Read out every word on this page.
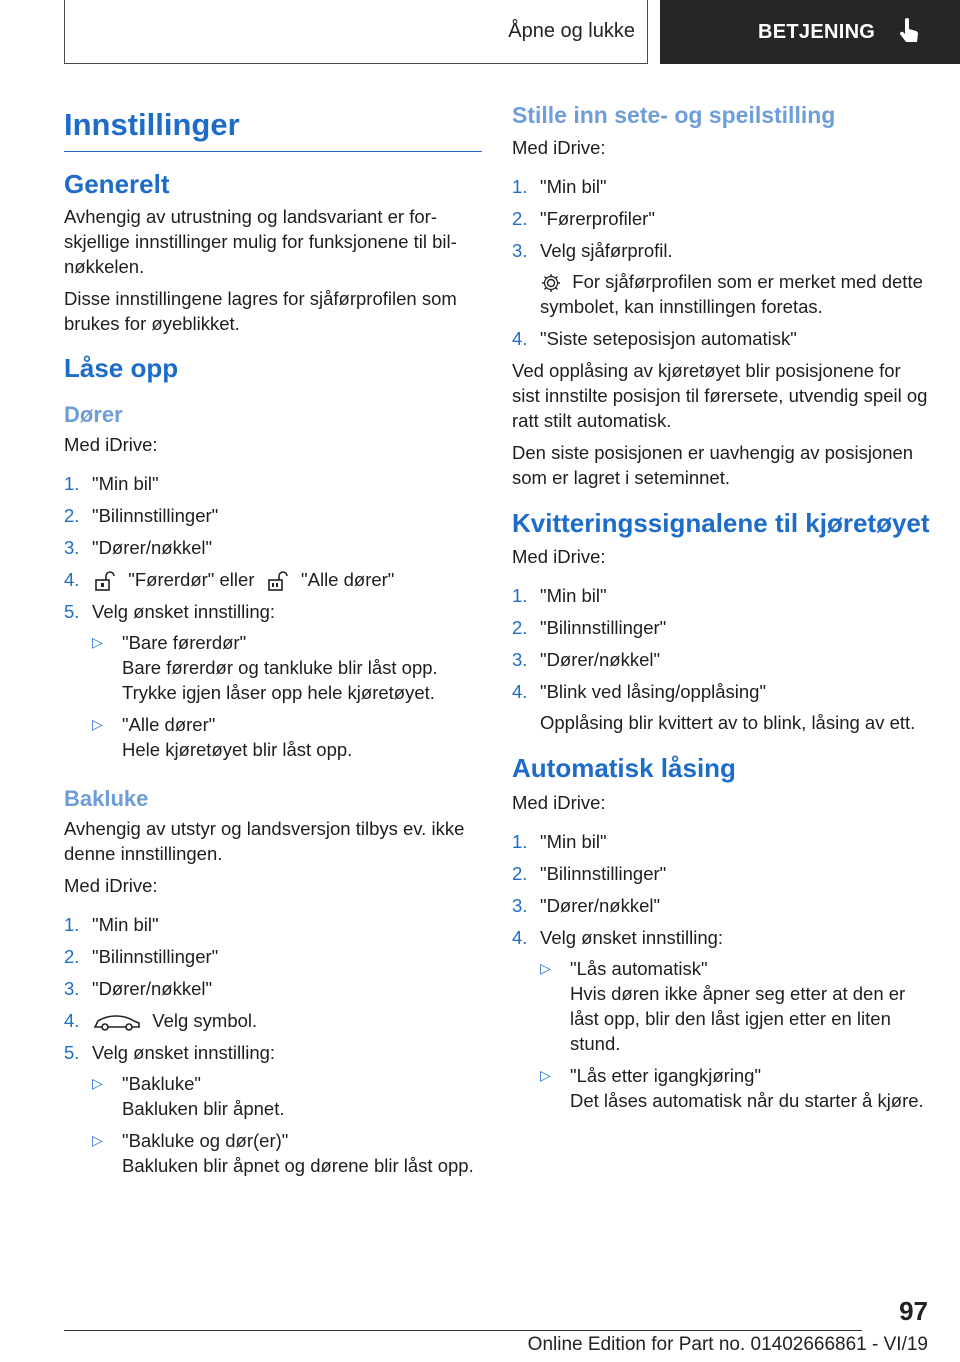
Åpne og lukke	BETJENING
Innstillinger
Generelt

Avhengig av utrustning og landsvariant er forskjellige innstillinger mulig for funksjonene til bilnøkkelen.

Disse innstillingene lagres for sjåførprofilen som brukes for øyeblikket.

Låse opp
Dører

Med iDrive:

1. "Min bil"
2. "Bilinnstillinger"
3. "Dører/nøkkel"
4.	"Førerdør" eller	"Alle dører"
5. Velg ønsket innstilling:
▷	"Bare førerdør"
Bare førerdør og tankluke blir låst opp. Trykke igjen låser opp hele kjøretøyet.
▷	"Alle dører"
Hele kjøretøyet blir låst opp.
Bakluke

Avhengig av utstyr og landsversjon tilbys ev. ikke denne innstillingen.

Med iDrive:

1. "Min bil"
2. "Bilinnstillinger"
3. "Dører/nøkkel"
4.	Velg symbol.
5. Velg ønsket innstilling:
▷	"Bakluke"
Bakluken blir åpnet.
▷	"Bakluke og dør(er)"
Bakluken blir åpnet og dørene blir låst opp.
Stille inn sete- og speilstilling

Med iDrive:

1. "Min bil"
2. "Førerprofiler"
3. Velg sjåførprofil.
For sjåførprofilen som er merket med dette symbolet, kan innstillingen foretas.
4. "Siste seteposisjon automatisk"

Ved opplåsing av kjøretøyet blir posisjonene for sist innstilte posisjon til førersete, utvendig speil og ratt stilt automatisk.

Den siste posisjonen er uavhengig av posisjonen som er lagret i seteminnet.

Kvitteringssignalene til kjøretøyet

Med iDrive:

1. "Min bil"
2. "Bilinnstillinger"
3. "Dører/nøkkel"
4. "Blink ved låsing/opplåsing"
Opplåsing blir kvittert av to blink, låsing av ett.
Automatisk låsing

Med iDrive:

1. "Min bil"
2. "Bilinnstillinger"
3. "Dører/nøkkel"
4. Velg ønsket innstilling:
▷	"Lås automatisk"
Hvis døren ikke åpner seg etter at den er låst opp, blir den låst igjen etter en liten stund.
▷	"Lås etter igangkjøring"
Det låses automatisk når du starter å kjøre.
97
Online Edition for Part no. 01402666861 - VI/19
